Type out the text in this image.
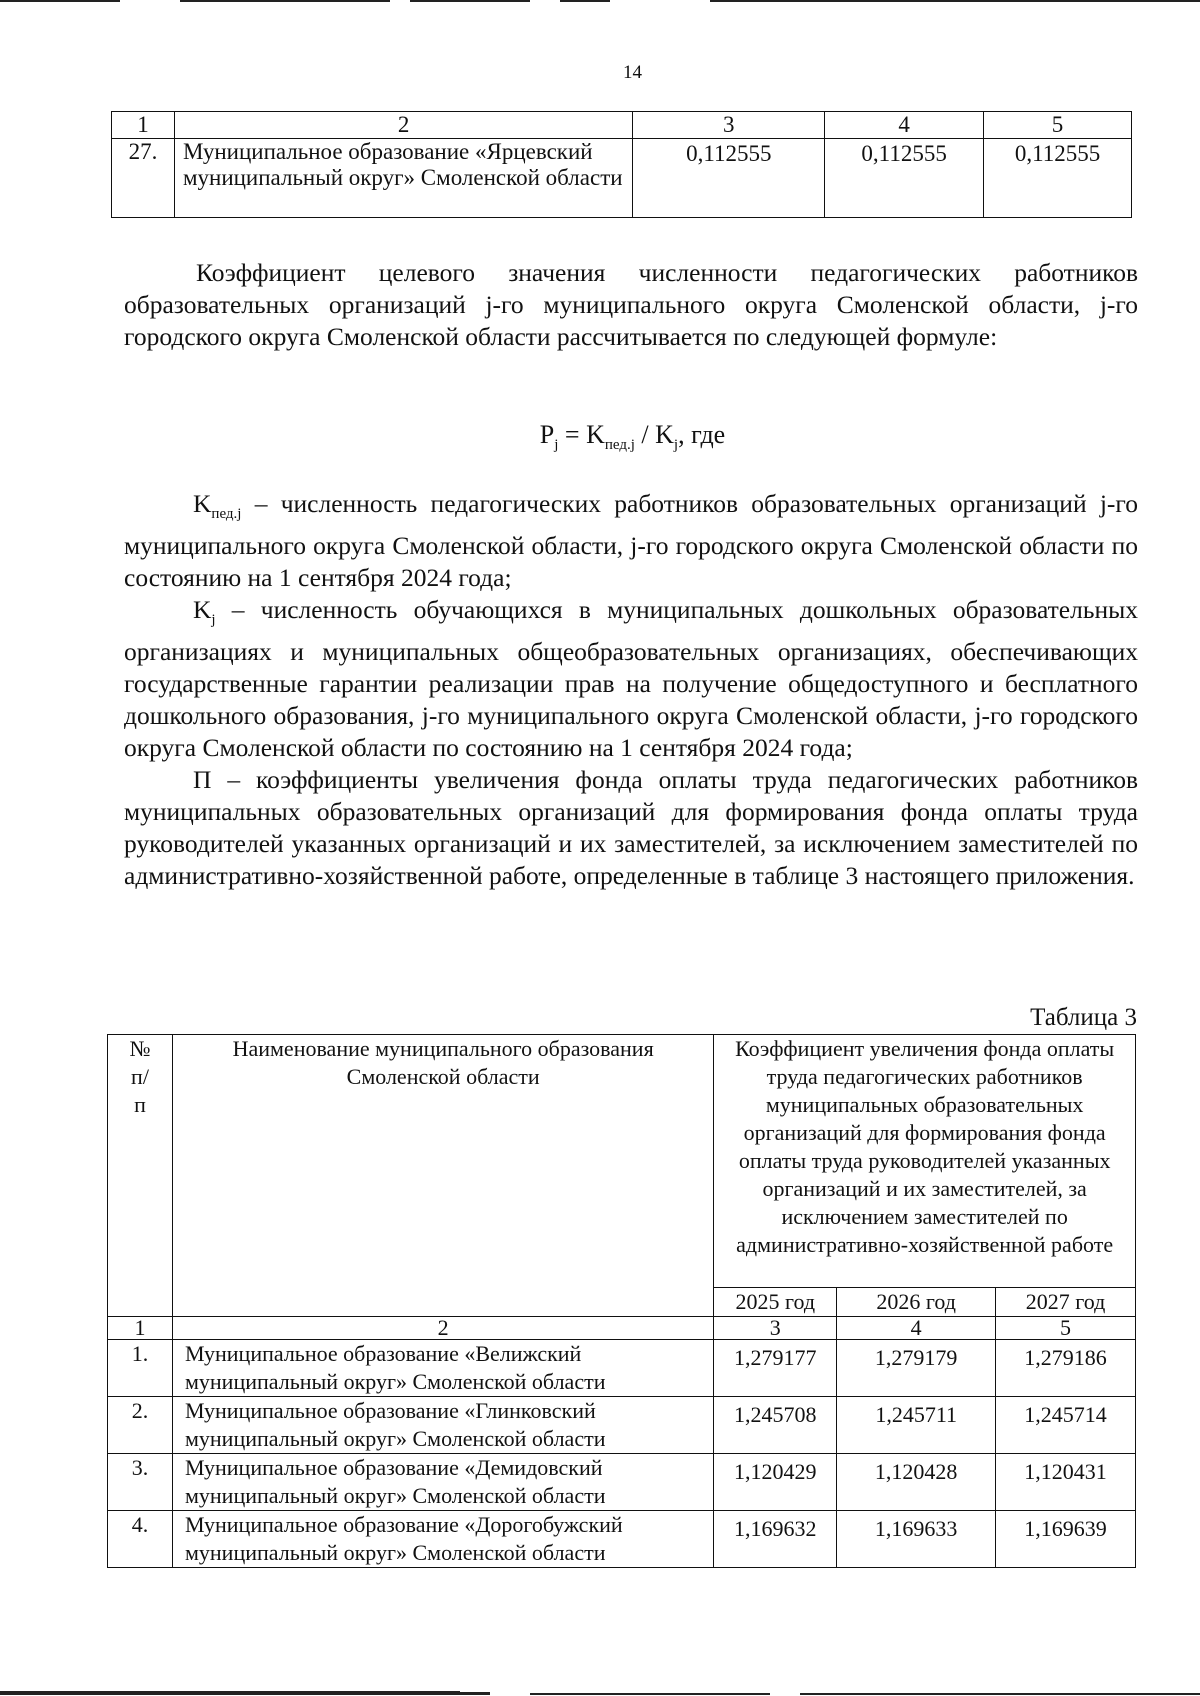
14
1	2	3	4	5
27.	Муниципальное образование «Ярцевский муниципальный округ» Смоленской области	0,112555	0,112555	0,112555

Коэффициент целевого значения численности педагогических работников образовательных организаций j-го муниципального округа Смоленской области, j-го городского округа Смоленской области рассчитывается по следующей формуле:

$P_j = K_{пед.j} / K_j$, где

$K_{пед.j}$ – численность педагогических работников образовательных организаций j-го муниципального округа Смоленской области, j-го городского округа Смоленской области по состоянию на 1 сентября 2024 года;

$K_j$ – численность обучающихся в муниципальных дошкольных образовательных организациях и муниципальных общеобразовательных организациях, обеспечивающих государственные гарантии реализации прав на получение общедоступного и бесплатного дошкольного образования, j-го муниципального округа Смоленской области, j-го городского округа Смоленской области по состоянию на 1 сентября 2024 года;

П – коэффициенты увеличения фонда оплаты труда педагогических работников муниципальных образовательных организаций для формирования фонда оплаты труда руководителей указанных организаций и их заместителей, за исключением заместителей по административно-хозяйственной работе, определенные в таблице 3 настоящего приложения.

Таблица 3
№ п/п	Наименование муниципального образования Смоленской области	Коэффициент увеличения фонда оплаты труда педагогических работников муниципальных образовательных организаций для формирования фонда оплаты труда руководителей указанных организаций и их заместителей, за исключением заместителей по административно-хозяйственной работе		
		2025 год	2026 год	2027 год
1	2	3	4	5
1.	Муниципальное образование «Велижский муниципальный округ» Смоленской области	1,279177	1,279179	1,279186
2.	Муниципальное образование «Глинковский муниципальный округ» Смоленской области	1,245708	1,245711	1,245714
3.	Муниципальное образование «Демидовский муниципальный округ» Смоленской области	1,120429	1,120428	1,120431
4.	Муниципальное образование «Дорогобужский муниципальный округ» Смоленской области	1,169632	1,169633	1,169639
